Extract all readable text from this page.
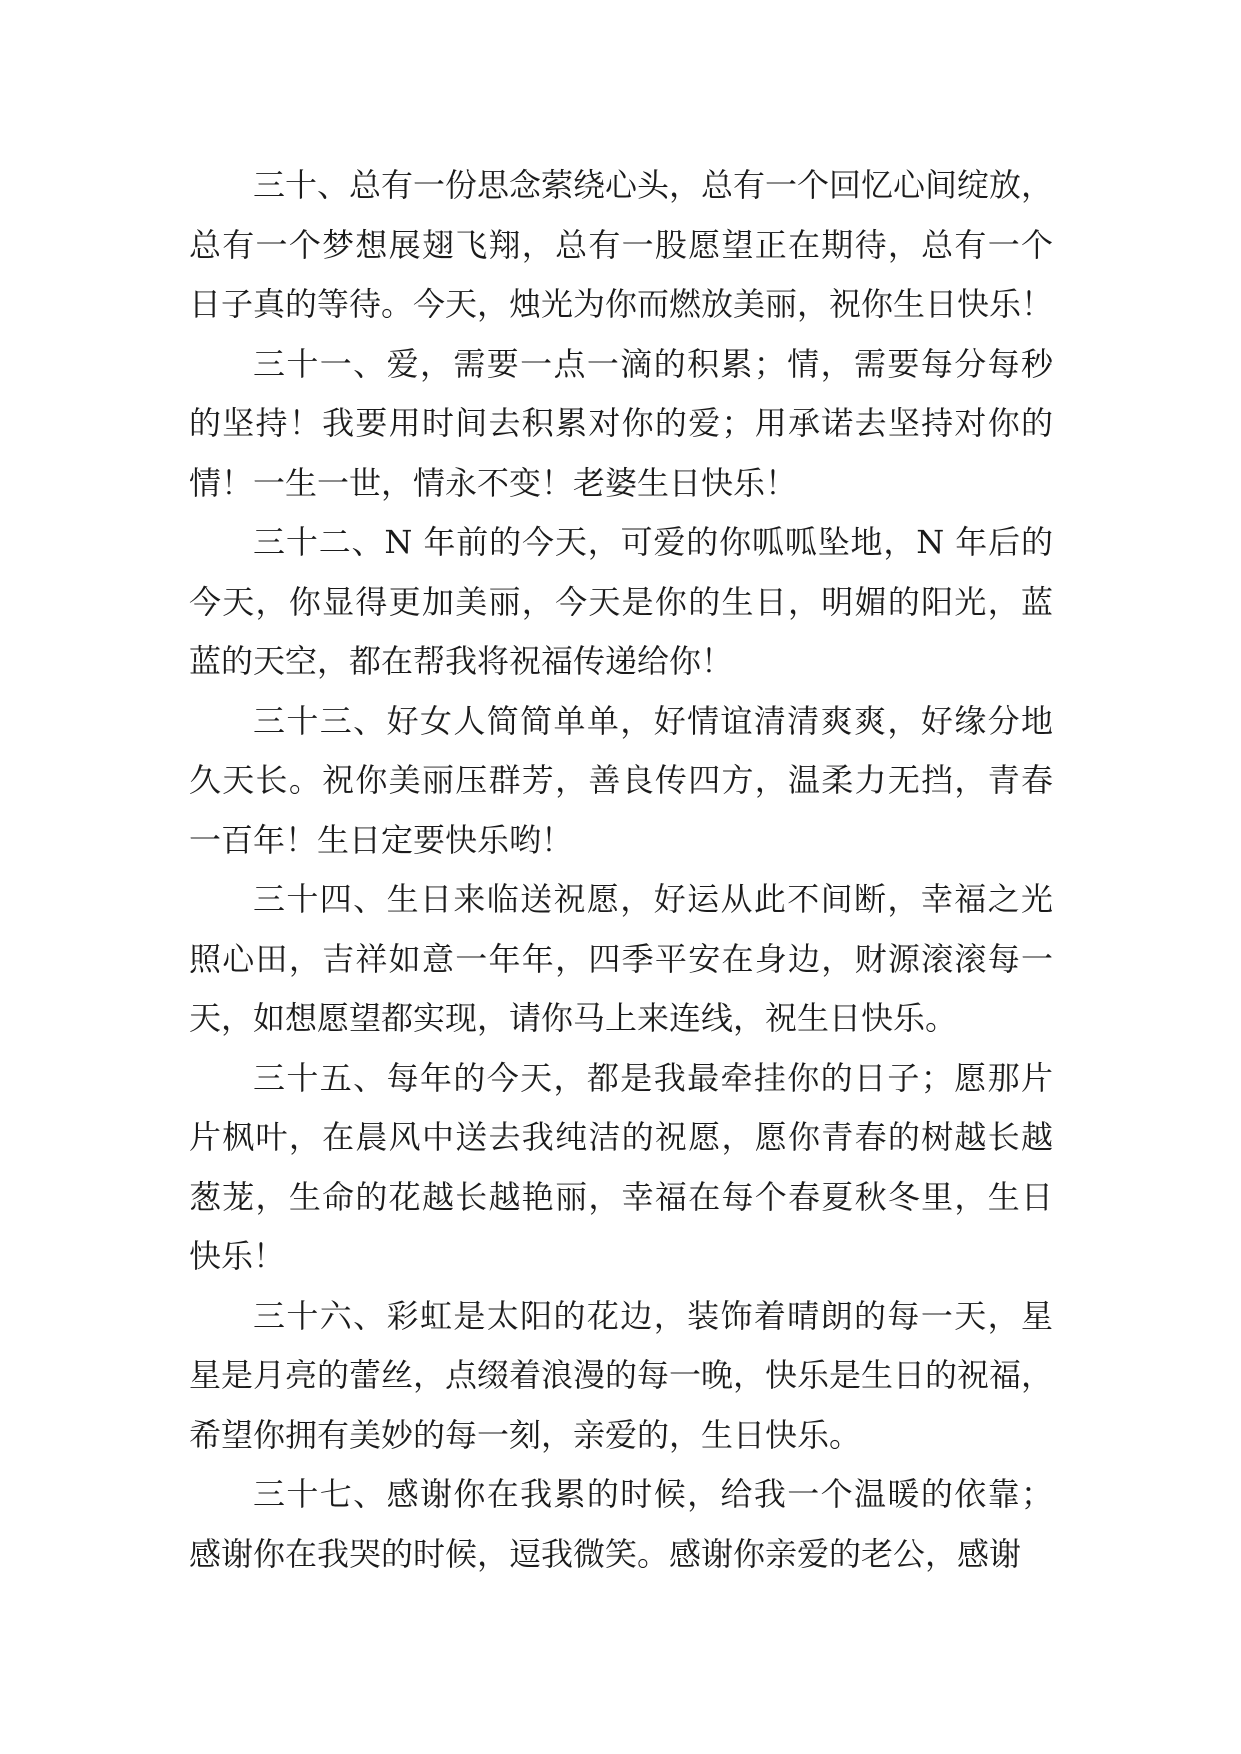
三十、总有一份思念萦绕心头，总有一个回忆心间绽放，
总有一个梦想展翅飞翔，总有一股愿望正在期待，总有一个
日子真的等待。今天，烛光为你而燃放美丽，祝你生日快乐！
三十一、爱，需要一点一滴的积累；情，需要每分每秒
的坚持！我要用时间去积累对你的爱；用承诺去坚持对你的
情！一生一世，情永不变！老婆生日快乐！
三十二、N 年前的今天，可爱的你呱呱坠地，N 年后的
今天，你显得更加美丽，今天是你的生日，明媚的阳光，蓝
蓝的天空，都在帮我将祝福传递给你！
三十三、好女人简简单单，好情谊清清爽爽，好缘分地
久天长。祝你美丽压群芳，善良传四方，温柔力无挡，青春
一百年！生日定要快乐哟！
三十四、生日来临送祝愿，好运从此不间断，幸福之光
照心田，吉祥如意一年年，四季平安在身边，财源滚滚每一
天，如想愿望都实现，请你马上来连线，祝生日快乐。
三十五、每年的今天，都是我最牵挂你的日子；愿那片
片枫叶，在晨风中送去我纯洁的祝愿，愿你青春的树越长越
葱茏，生命的花越长越艳丽，幸福在每个春夏秋冬里，生日
快乐！
三十六、彩虹是太阳的花边，装饰着晴朗的每一天，星
星是月亮的蕾丝，点缀着浪漫的每一晚，快乐是生日的祝福，
希望你拥有美妙的每一刻，亲爱的，生日快乐。
三十七、感谢你在我累的时候，给我一个温暖的依靠；
感谢你在我哭的时候，逗我微笑。感谢你亲爱的老公，感谢
